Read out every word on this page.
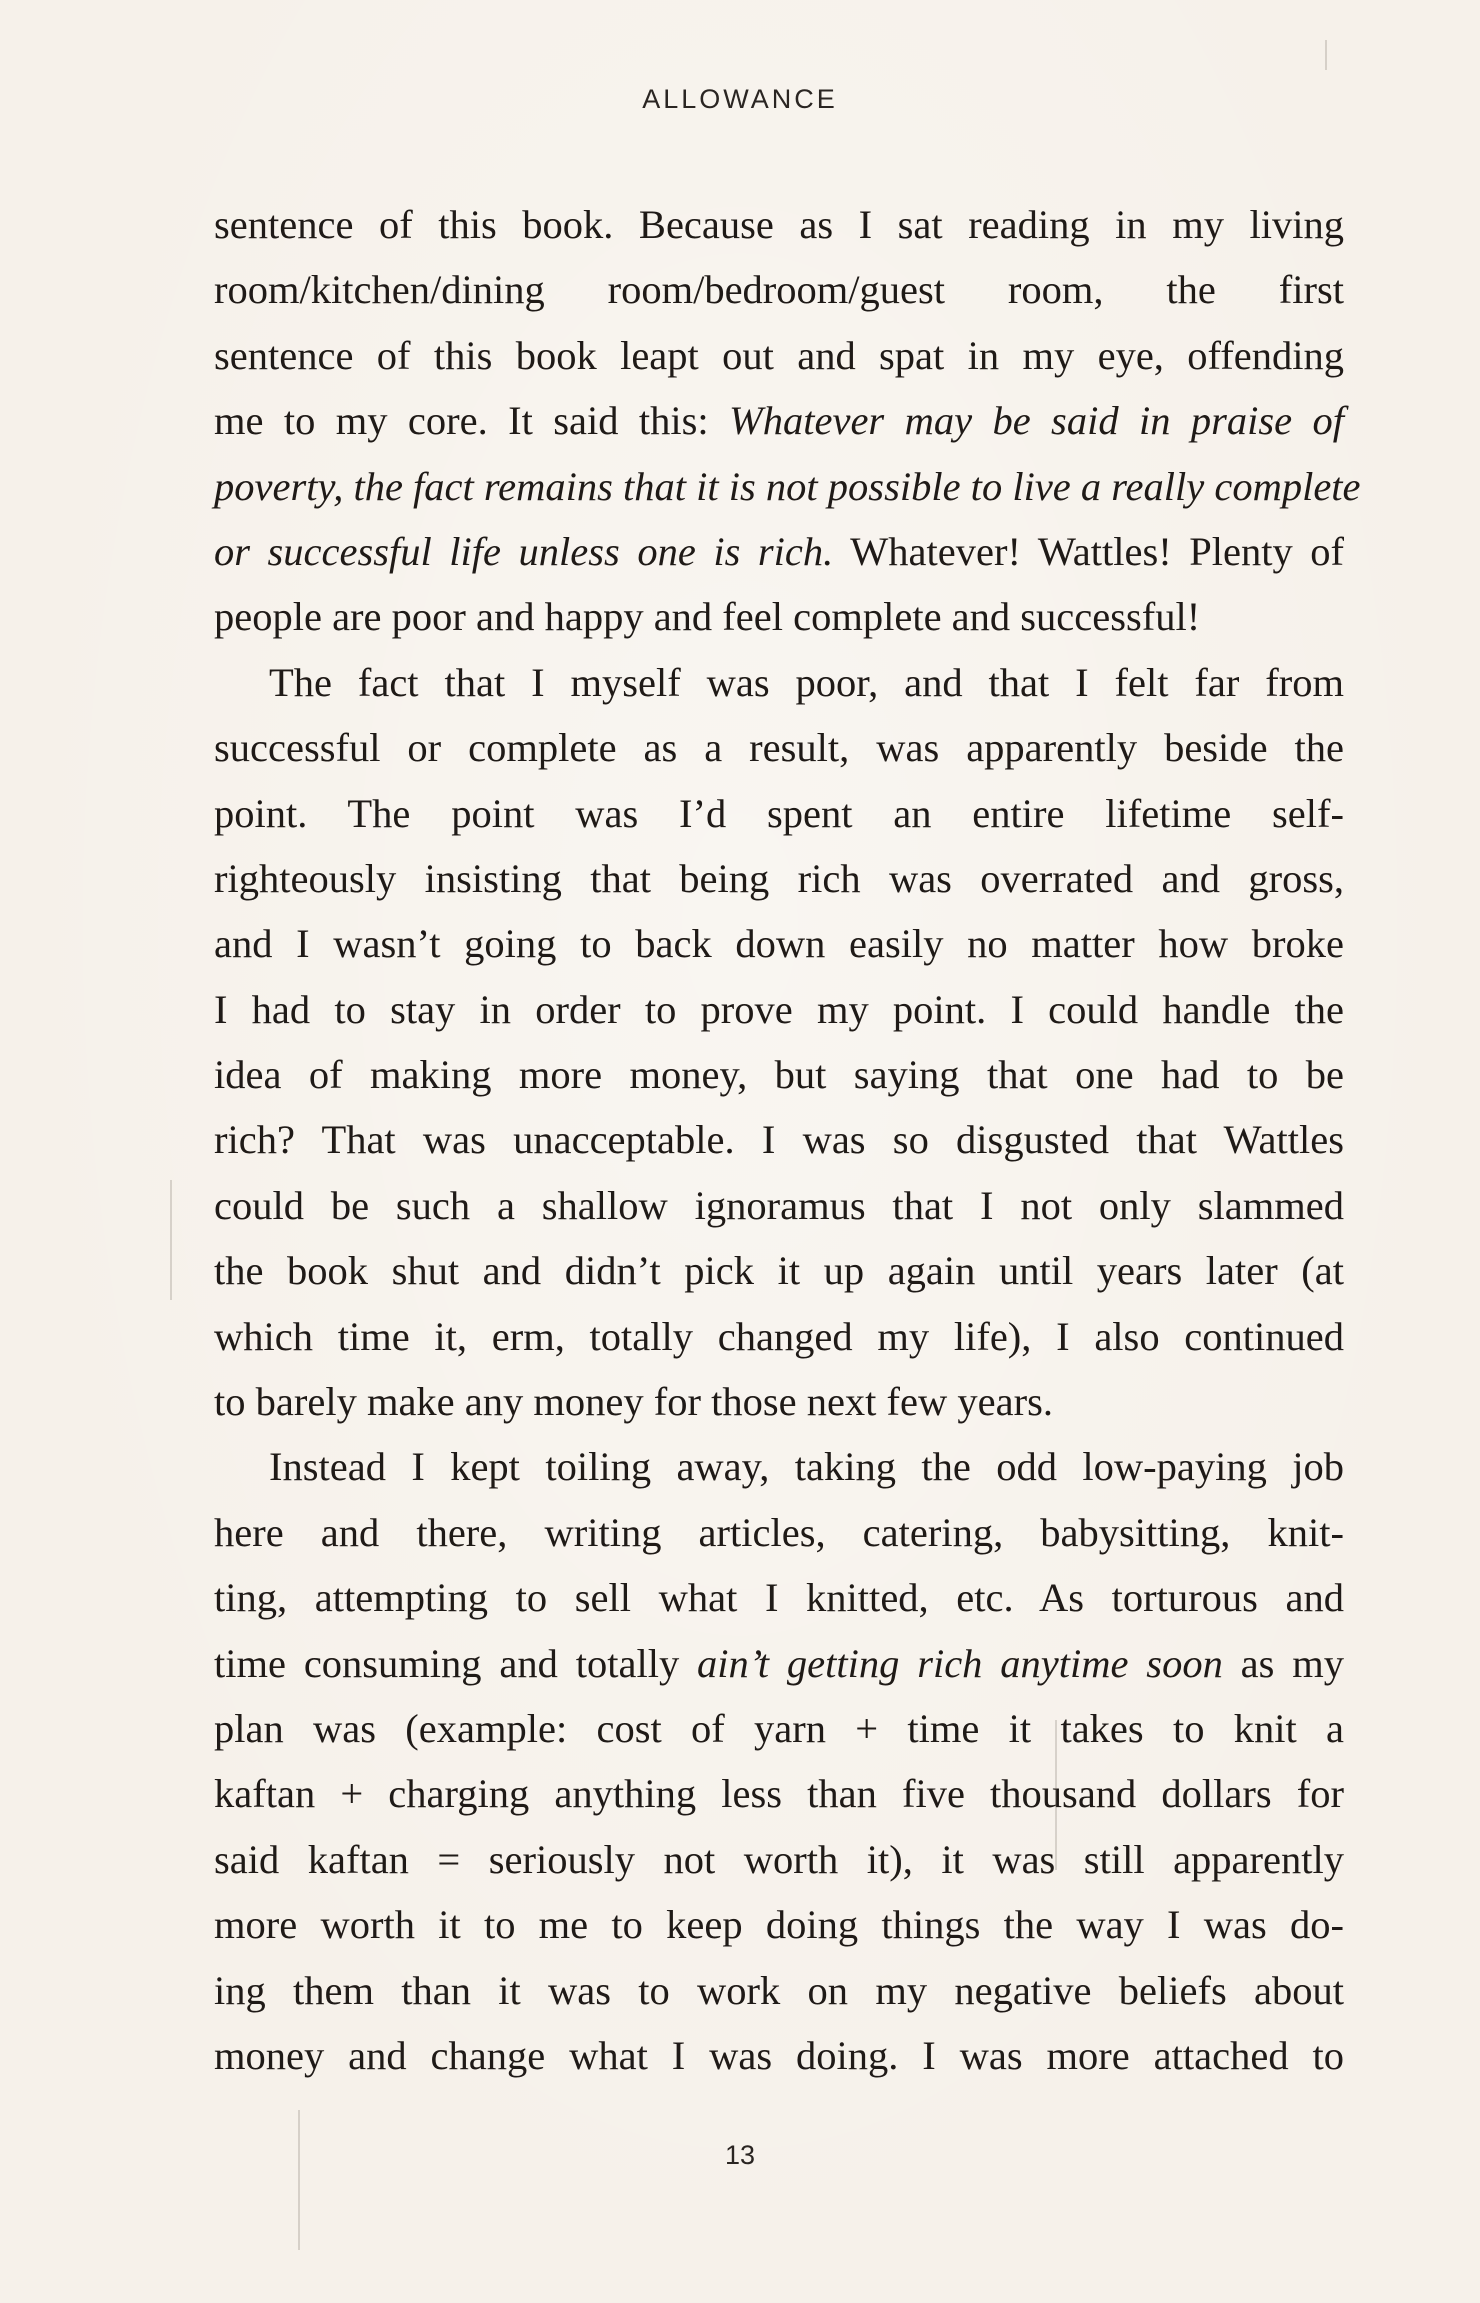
ALLOWANCE
sentence of this book. Because as I sat reading in my living
room/kitchen/dining room/bedroom/guest room, the first
sentence of this book leapt out and spat in my eye, offending
me to my core. It said this: Whatever may be said in praise of
poverty, the fact remains that it is not possible to live a really complete
or successful life unless one is rich. Whatever! Wattles! Plenty of
people are poor and happy and feel complete and successful!
The fact that I myself was poor, and that I felt far from
successful or complete as a result, was apparently beside the
point. The point was I’d spent an entire lifetime self-
righteously insisting that being rich was overrated and gross,
and I wasn’t going to back down easily no matter how broke
I had to stay in order to prove my point. I could handle the
idea of making more money, but saying that one had to be
rich? That was unacceptable. I was so disgusted that Wattles
could be such a shallow ignoramus that I not only slammed
the book shut and didn’t pick it up again until years later (at
which time it, erm, totally changed my life), I also continued
to barely make any money for those next few years.
Instead I kept toiling away, taking the odd low-paying job
here and there, writing articles, catering, babysitting, knit-
ting, attempting to sell what I knitted, etc. As torturous and
time consuming and totally ain’t getting rich anytime soon as my
plan was (example: cost of yarn + time it takes to knit a
kaftan + charging anything less than five thousand dollars for
said kaftan = seriously not worth it), it was still apparently
more worth it to me to keep doing things the way I was do-
ing them than it was to work on my negative beliefs about
money and change what I was doing. I was more attached to
13
